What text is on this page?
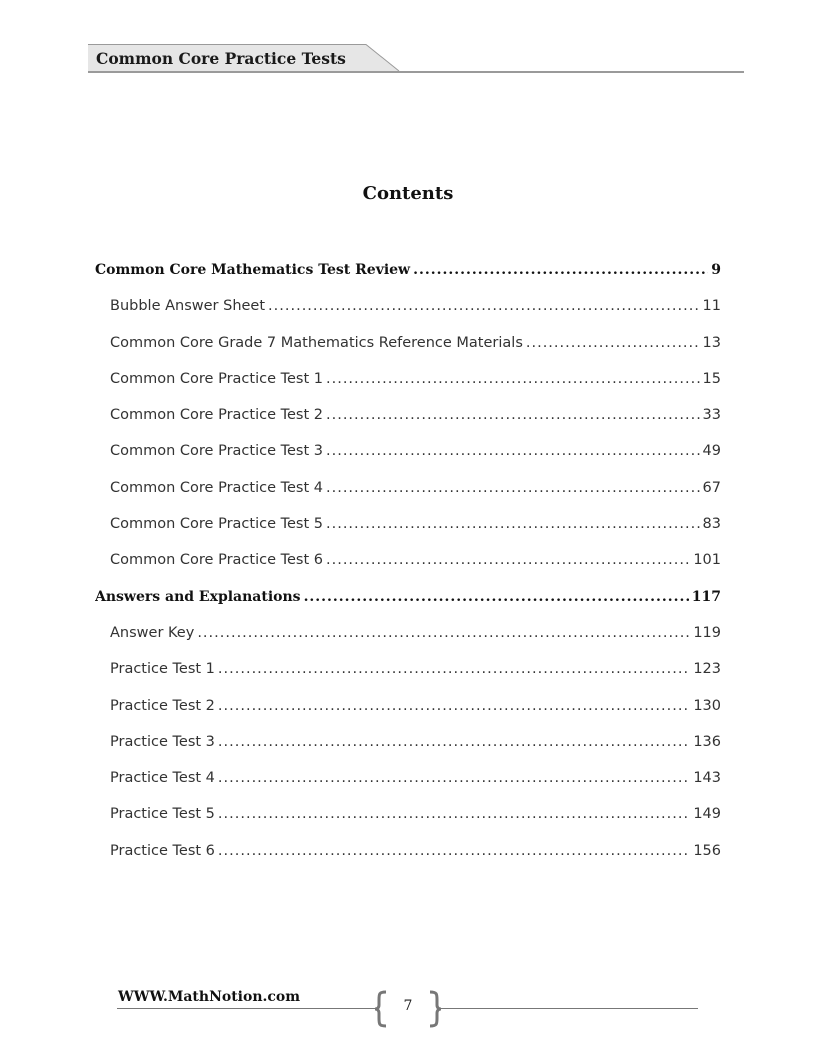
Common Core Practice Tests
Contents
Common Core Mathematics Test Review .....	9
Bubble Answer Sheet .....	11
Common Core Grade 7 Mathematics Reference Materials .....	13
Common Core Practice Test 1 .....	15
Common Core Practice Test 2 .....	33
Common Core Practice Test 3 .....	49
Common Core Practice Test 4 .....	67
Common Core Practice Test 5 .....	83
Common Core Practice Test 6 .....	101
Answers and Explanations .....	117
Answer Key .....	119
Practice Test 1 .....	123
Practice Test 2 .....	130
Practice Test 3 .....	136
Practice Test 4 .....	143
Practice Test 5 .....	149
Practice Test 6 .....	156
WWW.MathNotion.com
7
